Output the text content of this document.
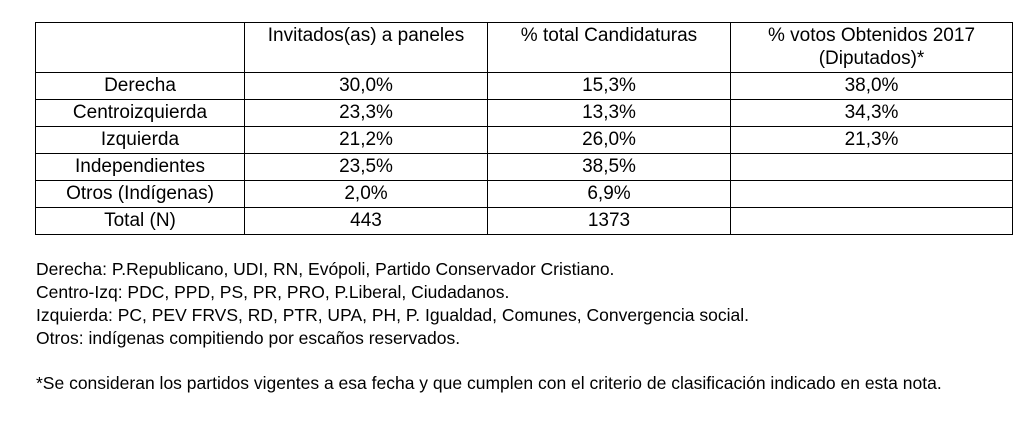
	Invitados(as) a paneles	% total Candidaturas	% votos Obtenidos 2017 (Diputados)*
Derecha	30,0%	15,3%	38,0%
Centroizquierda	23,3%	13,3%	34,3%
Izquierda	21,2%	26,0%	21,3%
Independientes	23,5%	38,5%	
Otros (Indígenas)	2,0%	6,9%	
Total (N)	443	1373	

Derecha: P.Republicano, UDI, RN, Evópoli, Partido Conservador Cristiano.

Centro-Izq: PDC, PPD, PS, PR, PRO, P.Liberal, Ciudadanos.

Izquierda: PC, PEV FRVS, RD, PTR, UPA, PH, P. Igualdad, Comunes, Convergencia social.

Otros: indígenas compitiendo por escaños reservados.

*Se consideran los partidos vigentes a esa fecha y que cumplen con el criterio de clasificación indicado en esta nota.
